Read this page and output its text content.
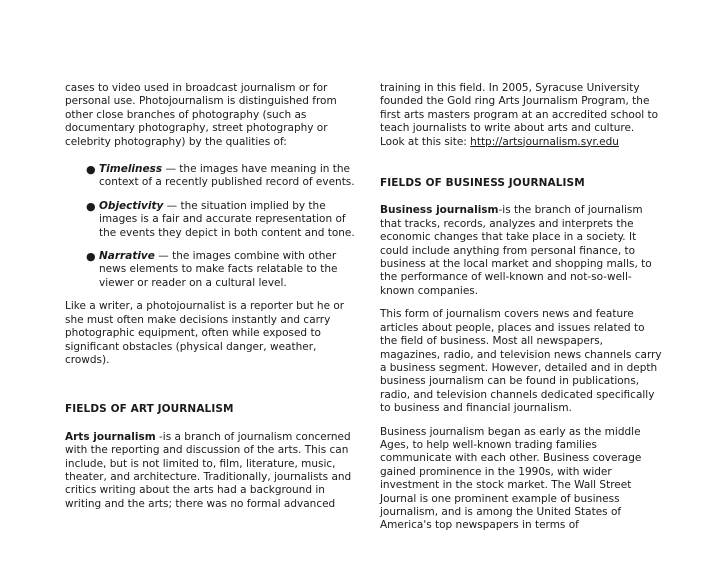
cases to video used in broadcast journalism or for personal use. Photojournalism is distinguished from other close branches of photography (such as documentary photography, street photography or celebrity photography) by the qualities of:

● Timeliness — the images have meaning in the context of a recently published record of events.
● Objectivity — the situation implied by the images is a fair and accurate representation of the events they depict in both content and tone.
● Narrative — the images combine with other news elements to make facts relatable to the viewer or reader on a cultural level.

Like a writer, a photojournalist is a reporter but he or she must often make decisions instantly and carry photographic equipment, often while exposed to significant obstacles (physical danger, weather, crowds).

FIELDS OF ART JOURNALISM

Arts journalism -is a branch of journalism concerned with the reporting and discussion of the arts. This can include, but is not limited to, film, literature, music, theater, and architecture. Traditionally, journalists and critics writing about the arts had a background in writing and the arts; there was no formal advanced

training in this field. In 2005, Syracuse University founded the Gold ring Arts Journalism Program, the first arts masters program at an accredited school to teach journalists to write about arts and culture. Look at this site: http://artsjournalism.syr.edu

FIELDS OF BUSINESS JOURNALISM

Business journalism-is the branch of journalism that tracks, records, analyzes and interprets the economic changes that take place in a society. It could include anything from personal finance, to business at the local market and shopping malls, to the performance of well-known and not-so-well-known companies.

This form of journalism covers news and feature articles about people, places and issues related to the field of business. Most all newspapers, magazines, radio, and television news channels carry a business segment. However, detailed and in depth business journalism can be found in publications, radio, and television channels dedicated specifically to business and financial journalism.

Business journalism began as early as the middle Ages, to help well-known trading families communicate with each other. Business coverage gained prominence in the 1990s, with wider investment in the stock market. The Wall Street Journal is one prominent example of business journalism, and is among the United States of America's top newspapers in terms of
